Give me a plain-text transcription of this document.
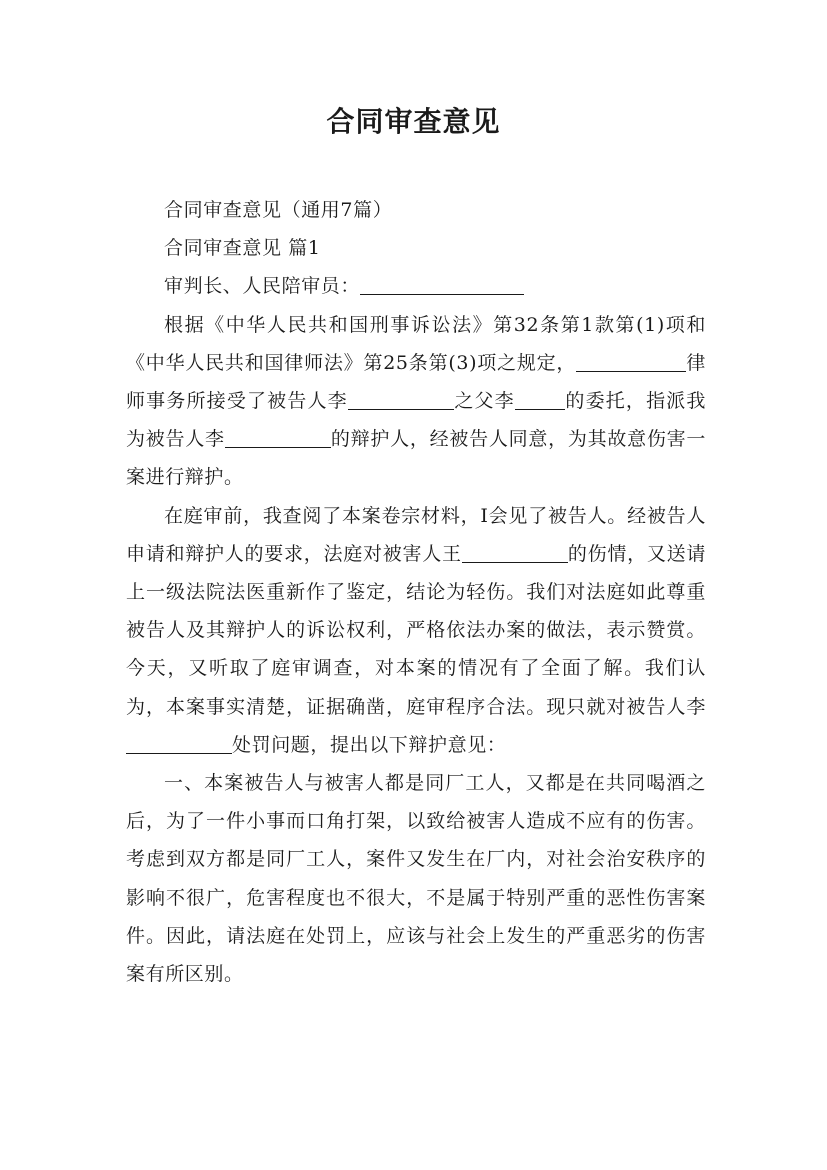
合同审查意见

合同审查意见（通用7篇）

合同审查意见 篇1

审判长、人民陪审员：

根据《中华人民共和国刑事诉讼法》第32条第1款第(1)项和《中华人民共和国律师法》第25条第(3)项之规定，	律师事务所接受了被告人李	之父李	的委托，指派我为被告人李	的辩护人，经被告人同意，为其故意伤害一案进行辩护。

在庭审前，我查阅了本案卷宗材料，I会见了被告人。经被告人申请和辩护人的要求，法庭对被害人王	的伤情，又送请上一级法院法医重新作了鉴定，结论为轻伤。我们对法庭如此尊重被告人及其辩护人的诉讼权利，严格依法办案的做法，表示赞赏。今天，又听取了庭审调查，对本案的情况有了全面了解。我们认为，本案事实清楚，证据确凿，庭审程序合法。现只就对被告人李处罚问题，提出以下辩护意见：

一、本案被告人与被害人都是同厂工人，又都是在共同喝酒之后，为了一件小事而口角打架，以致给被害人造成不应有的伤害。考虑到双方都是同厂工人，案件又发生在厂内，对社会治安秩序的影响不很广，危害程度也不很大，不是属于特别严重的恶性伤害案件。因此，请法庭在处罚上，应该与社会上发生的严重恶劣的伤害案有所区别。
